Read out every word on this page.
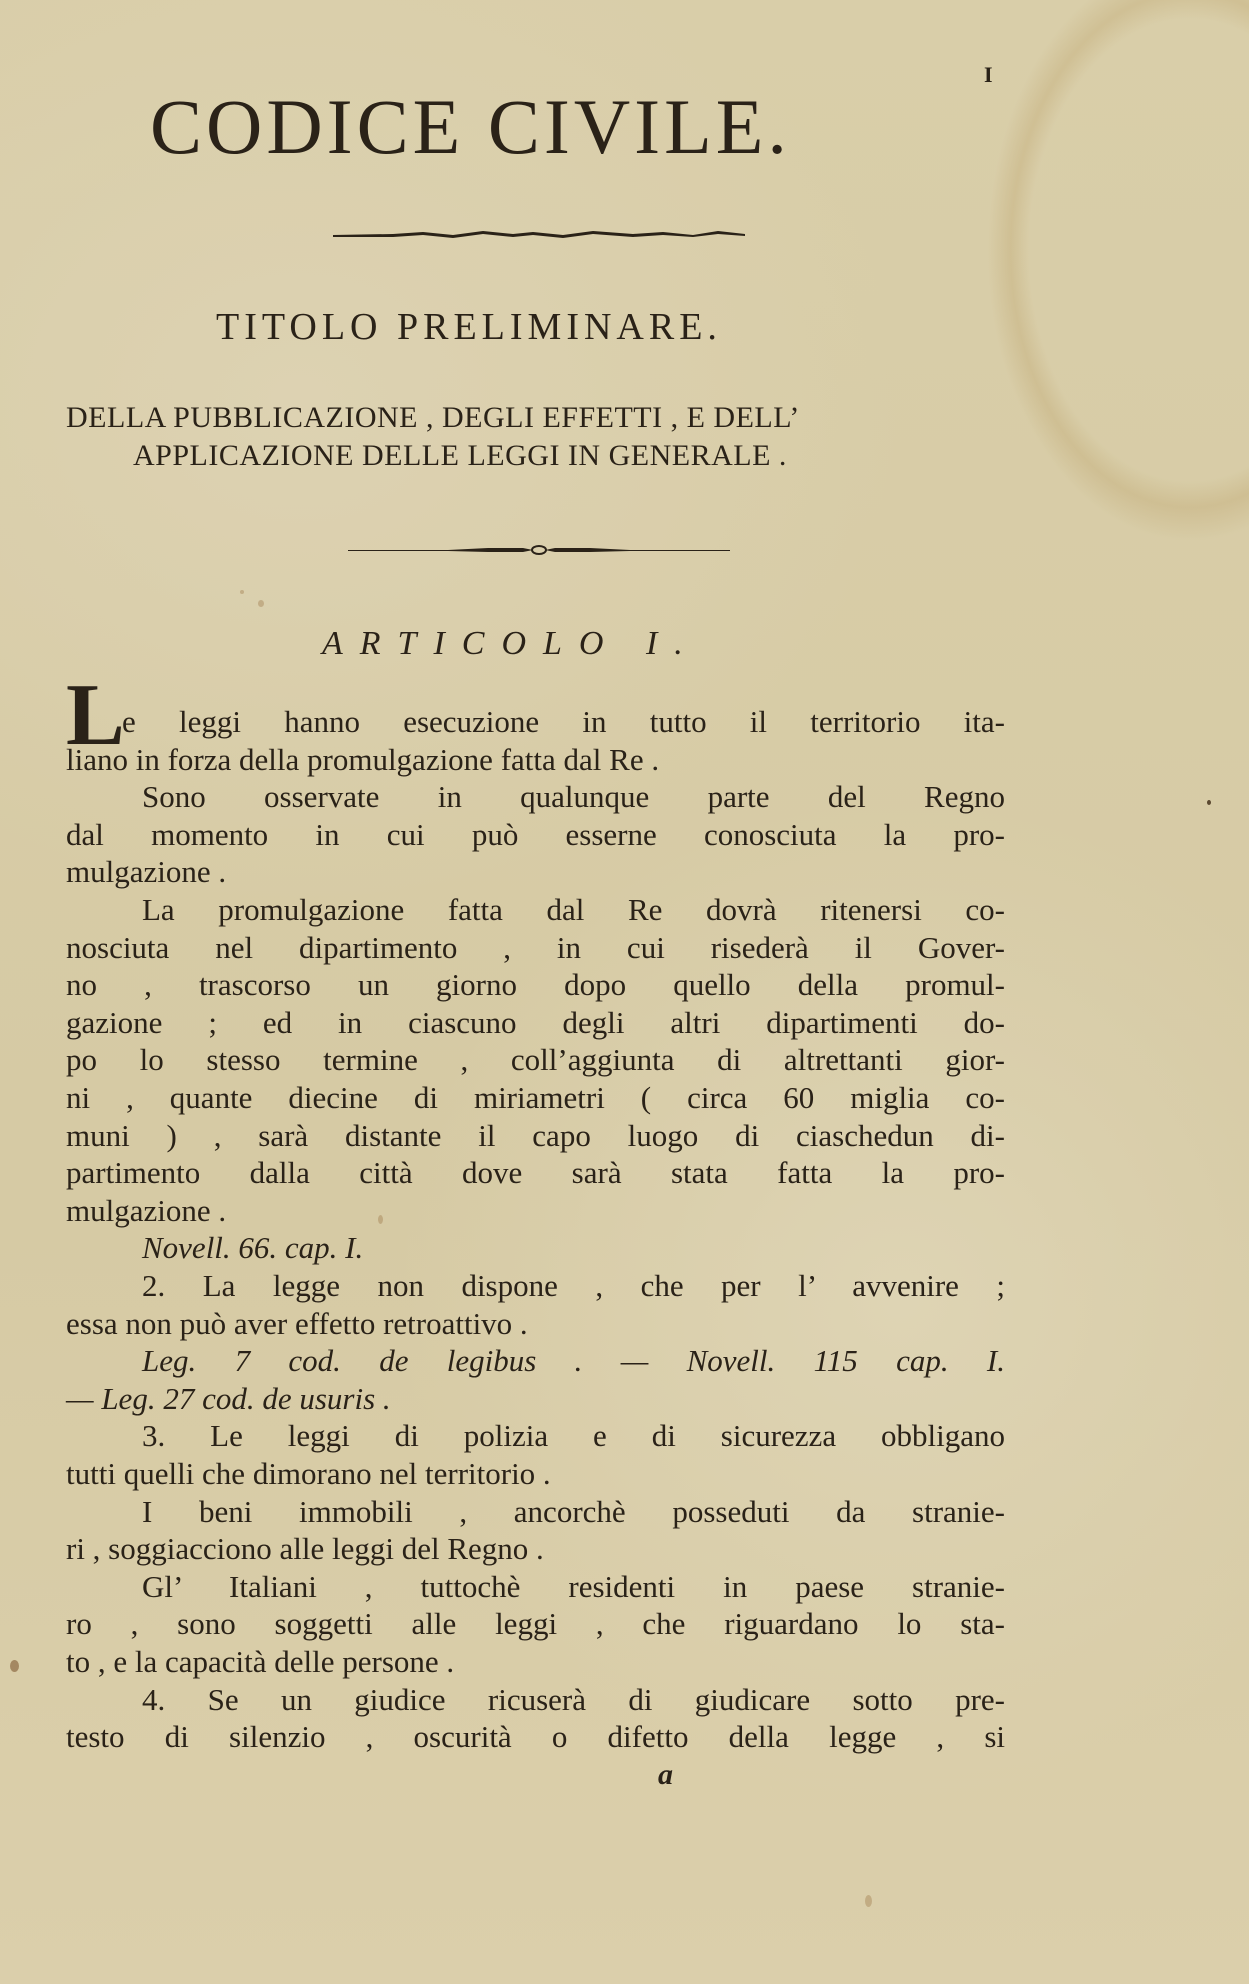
I
CODICE CIVILE.
TITOLO PRELIMINARE.
DELLA PUBBLICAZIONE , DEGLI EFFETTI , E DELL’
APPLICAZIONE DELLE LEGGI IN GENERALE .
ARTICOLO I.
L
e leggi hanno esecuzione in tutto il territorio ita-
liano in forza della promulgazione fatta dal Re .
Sono osservate in qualunque parte del Regno
dal momento in cui può esserne conosciuta la pro-
mulgazione .
La promulgazione fatta dal Re dovrà ritenersi co-
nosciuta nel dipartimento , in cui risederà il Gover-
no , trascorso un giorno dopo quello della promul-
gazione ; ed in ciascuno degli altri dipartimenti do-
po lo stesso termine , coll’aggiunta di altrettanti gior-
ni , quante diecine di miriametri ( circa 60 miglia co-
muni ) , sarà distante il capo luogo di ciaschedun di-
partimento dalla città dove sarà stata fatta la pro-
mulgazione .
Novell. 66. cap. I.
2. La legge non dispone , che per l’ avvenire ;
essa non può aver effetto retroattivo .
Leg. 7 cod. de legibus . — Novell. 115 cap. I.
— Leg. 27 cod. de usuris .
3. Le leggi di polizia e di sicurezza obbligano
tutti quelli che dimorano nel territorio .
I beni immobili , ancorchè posseduti da stranie-
ri , soggiacciono alle leggi del Regno .
Gl’ Italiani , tuttochè residenti in paese stranie-
ro , sono soggetti alle leggi , che riguardano lo sta-
to , e la capacità delle persone .
4. Se un giudice ricuserà di giudicare sotto pre-
testo di silenzio , oscurità o difetto della legge , si
a
